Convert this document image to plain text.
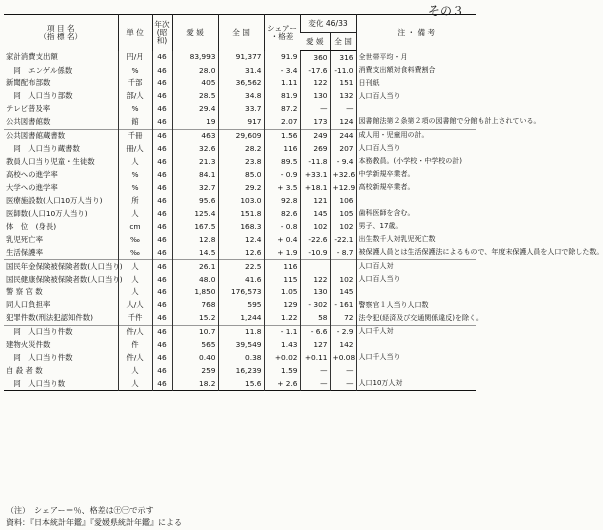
その３
項 目 名
（指 標 名）	単 位	年次
(昭和)	愛 媛	全 国	シェアー
・格差	変化 46/33		注 ・ 備 考
						愛 媛	全 国	
家計消費支出額	円/月	46	83,993	91,377	91.9	360	316	全世帯平均・月
　同　エンゲル係数	%	46	28.0	31.4	- 3.4	-17.6	-11.0	消費支出額対食料費割合
新聞配布部数	千部	46	405	36,562	1.11	122	151	日刊紙
　同　人口当り部数	部/人	46	28.5	34.8	81.9	130	132	人口百人当り
テレビ普及率	%	46	29.4	33.7	87.2	—	—	
公共図書館数	館	46	19	917	2.07	173	124	図書館法第２条第２項の図書館で分館も計上されている。
公共図書館蔵書数	千冊	46	463	29,609	1.56	249	244	成人用・児童用の計。
　同　人口当り蔵書数	冊/人	46	32.6	28.2	116	269	207	人口百人当り
教員人口当り児童・生徒数	人	46	21.3	23.8	89.5	-11.8	- 9.4	本務教員。(小学校・中学校の計)
高校への進学率	%	46	84.1	85.0	- 0.9	+33.1	+32.6	中学新規卒業者。
大学への進学率	%	46	32.7	29.2	+ 3.5	+18.1	+12.9	高校新規卒業者。
医療施設数(人口10万人当り)	所	46	95.6	103.0	92.8	121	106	
医師数(人口10万人当り)	人	46	125.4	151.8	82.6	145	105	歯科医師を含む。
体　位　(身長)	cm	46	167.5	168.3	- 0.8	102	102	男子、17歳。
乳児死亡率	‰	46	12.8	12.4	+ 0.4	-22.6	-22.1	出生数千人対乳児死亡数
生活保護率	‰	46	14.5	12.6	+ 1.9	-10.9	- 8.7	被保護人員とは生活保護法によるもので、年度末保護人員を人口で除した数。
国民年金保険被保険者数(人口当り)	人	46	26.1	22.5	116			人口百人対
国民健康保険被保険者数(人口当り)	人	46	48.0	41.6	115	122	102	人口百人当り
警 察 官 数	人	46	1,850	176,573	1.05	130	145	
同人口負担率	人/人	46	768	595	129	- 302	- 161	警察官１人当り人口数
犯罪件数(刑法犯認知件数)	千件	46	15.2	1,244	1.22	58	72	法令犯(経済及び交通関係違反)を除く。
　同　人口当り件数	件/人	46	10.7	11.8	- 1.1	- 6.6	- 2.9	人口千人対
建物火災件数	件	46	565	39,549	1.43	127	142	
　同　人口当り件数	件/人	46	0.40	0.38	+0.02	+0.11	+0.08	人口千人当り
自 殺 者 数	人	46	259	16,239	1.59	—	—	
　同　人口当り数	人	46	18.2	15.6	+ 2.6	—	—	人口10万人対
（注）　シェアー＝％、格差は㊉㊀で示す
資料：『日本統計年鑑』『愛媛県統計年鑑』による
